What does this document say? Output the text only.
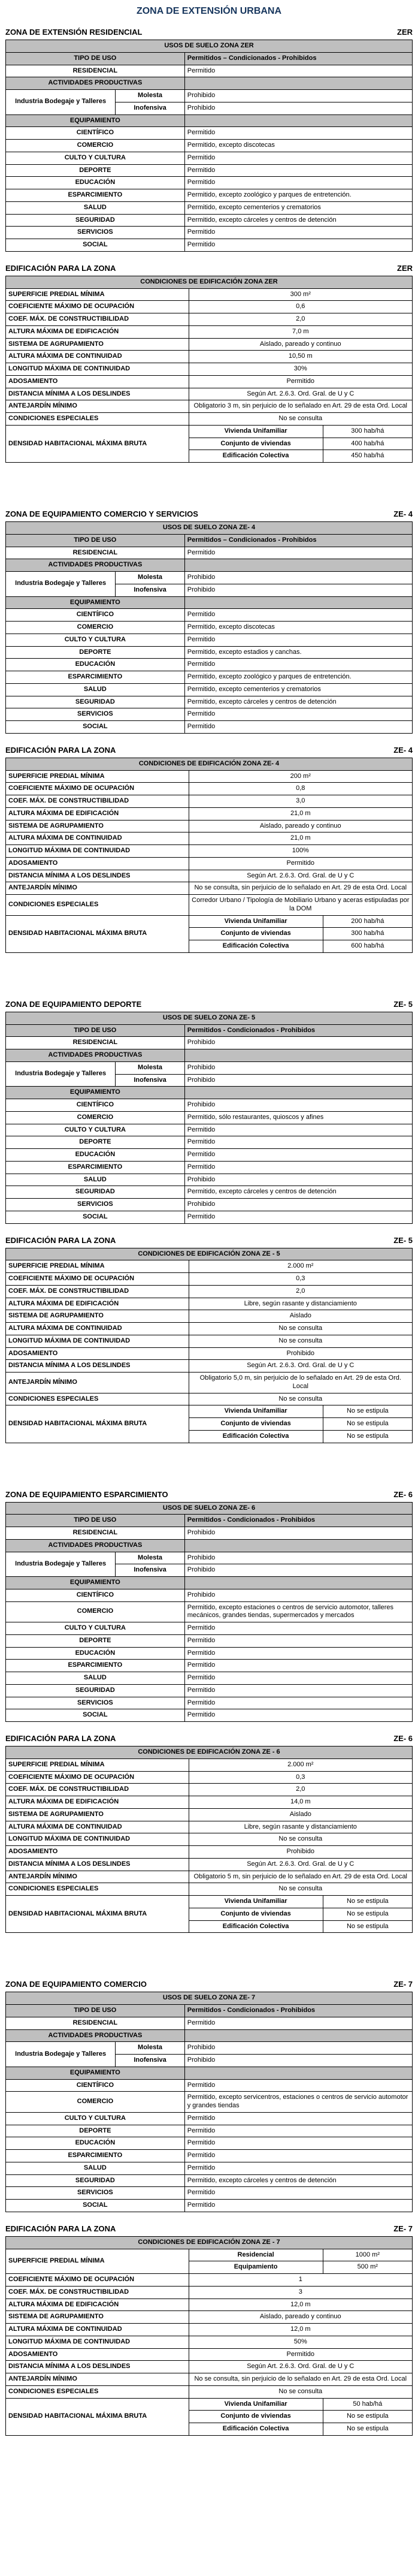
ZONA DE EXTENSIÓN URBANA
ZONA DE EXTENSIÓN RESIDENCIAL	ZER
USOS DE SUELO ZONA ZER		
TIPO DE USO		Permitidos – Condicionados - Prohibidos
RESIDENCIAL		Permitido
ACTIVIDADES PRODUCTIVAS		
Industria Bodegaje y Talleres	Molesta	Prohibido
	Inofensiva	Prohibido
EQUIPAMIENTO		
CIENTÍFICO		Permitido
COMERCIO		Permitido, excepto discotecas
CULTO Y CULTURA		Permitido
DEPORTE		Permitido
EDUCACIÓN		Permitido
ESPARCIMIENTO		Permitido, excepto zoológico y parques de entretención.
SALUD		Permitido, excepto cementerios y crematorios
SEGURIDAD		Permitido, excepto cárceles y centros de detención
SERVICIOS		Permitido
SOCIAL		Permitido
EDIFICACIÓN PARA LA ZONA	ZER
CONDICIONES DE EDIFICACIÓN ZONA ZER		
SUPERFICIE PREDIAL MÍNIMA	300 m²	
COEFICIENTE MÁXIMO DE OCUPACIÓN	0,6	
COEF. MÁX. DE CONSTRUCTIBILIDAD	2,0	
ALTURA MÁXIMA DE EDIFICACIÓN	7,0 m	
SISTEMA DE AGRUPAMIENTO	Aislado, pareado y continuo	
ALTURA MÁXIMA DE CONTINUIDAD	10,50 m	
LONGITUD MÁXIMA DE CONTINUIDAD	30%	
ADOSAMIENTO	Permitido	
DISTANCIA MÍNIMA A LOS DESLINDES	Según Art. 2.6.3. Ord. Gral. de U y C	
ANTEJARDÍN MÍNIMO	Obligatorio 3 m, sin perjuicio de lo señalado en Art. 29 de esta Ord. Local	
CONDICIONES ESPECIALES	No se consulta	
DENSIDAD HABITACIONAL MÁXIMA BRUTA	Vivienda Unifamiliar	300 hab/há
	Conjunto de viviendas	400 hab/há
	Edificación Colectiva	450 hab/há
ZONA DE EQUIPAMIENTO COMERCIO Y SERVICIOS	ZE- 4
USOS DE SUELO ZONA ZE- 4		
TIPO DE USO		Permitidos – Condicionados - Prohibidos
RESIDENCIAL		Permitido
ACTIVIDADES PRODUCTIVAS		
Industria Bodegaje y Talleres	Molesta	Prohibido
	Inofensiva	Prohibido
EQUIPAMIENTO		
CIENTÍFICO		Permitido
COMERCIO		Permitido, excepto discotecas
CULTO Y CULTURA		Permitido
DEPORTE		Permitido, excepto estadios y canchas.
EDUCACIÓN		Permitido
ESPARCIMIENTO		Permitido, excepto zoológico y parques de entretención.
SALUD		Permitido, excepto cementerios y crematorios
SEGURIDAD		Permitido, excepto cárceles y centros de detención
SERVICIOS		Permitido
SOCIAL		Permitido
EDIFICACIÓN PARA LA ZONA	ZE- 4
CONDICIONES DE EDIFICACIÓN ZONA ZE- 4		
SUPERFICIE PREDIAL MÍNIMA	200 m²	
COEFICIENTE MÁXIMO DE OCUPACIÓN	0,8	
COEF. MÁX. DE CONSTRUCTIBILIDAD	3,0	
ALTURA MÁXIMA DE EDIFICACIÓN	21,0 m	
SISTEMA DE AGRUPAMIENTO	Aislado, pareado y continuo	
ALTURA MÁXIMA DE CONTINUIDAD	21,0 m	
LONGITUD MÁXIMA DE CONTINUIDAD	100%	
ADOSAMIENTO	Permitido	
DISTANCIA MÍNIMA A LOS DESLINDES	Según Art. 2.6.3. Ord. Gral. de U y C	
ANTEJARDÍN MÍNIMO	No se consulta, sin perjuicio de lo señalado en Art. 29 de esta Ord. Local	
CONDICIONES ESPECIALES	Corredor Urbano / Tipología de Mobiliario Urbano y aceras estipuladas por la DOM	
DENSIDAD HABITACIONAL MÁXIMA BRUTA	Vivienda Unifamiliar	200 hab/há
	Conjunto de viviendas	300 hab/há
	Edificación Colectiva	600 hab/há
ZONA DE EQUIPAMIENTO DEPORTE	ZE- 5
USOS DE SUELO ZONA ZE- 5		
TIPO DE USO		Permitidos - Condicionados - Prohibidos
RESIDENCIAL		Prohibido
ACTIVIDADES PRODUCTIVAS		
Industria Bodegaje y Talleres	Molesta	Prohibido
	Inofensiva	Prohibido
EQUIPAMIENTO		
CIENTÍFICO		Prohibido
COMERCIO		Permitido, sólo restaurantes, quioscos y afines
CULTO Y CULTURA		Permitido
DEPORTE		Permitido
EDUCACIÓN		Permitido
ESPARCIMIENTO		Permitido
SALUD		Prohibido
SEGURIDAD		Permitido, excepto cárceles y centros de detención
SERVICIOS		Prohibido
SOCIAL		Permitido
EDIFICACIÓN PARA LA ZONA	ZE- 5
CONDICIONES DE EDIFICACIÓN ZONA ZE - 5		
SUPERFICIE PREDIAL MÍNIMA	2.000 m²	
COEFICIENTE MÁXIMO DE OCUPACIÓN	0,3	
COEF. MÁX. DE CONSTRUCTIBILIDAD	2,0	
ALTURA MÁXIMA DE EDIFICACIÓN	Libre, según rasante y distanciamiento	
SISTEMA DE AGRUPAMIENTO	Aislado	
ALTURA MÁXIMA DE CONTINUIDAD	No se consulta	
LONGITUD MÁXIMA DE CONTINUIDAD	No se consulta	
ADOSAMIENTO	Prohibido	
DISTANCIA MÍNIMA A LOS DESLINDES	Según Art. 2.6.3. Ord. Gral. de U y C	
ANTEJARDÍN MÍNIMO	Obligatorio 5,0 m, sin perjuicio de lo señalado en Art. 29 de esta Ord. Local	
CONDICIONES ESPECIALES	No se consulta	
DENSIDAD HABITACIONAL MÁXIMA BRUTA	Vivienda Unifamiliar	No se estipula
	Conjunto de viviendas	No se estipula
	Edificación Colectiva	No se estipula
ZONA DE EQUIPAMIENTO ESPARCIMIENTO	ZE- 6
USOS DE SUELO ZONA ZE- 6		
TIPO DE USO		Permitidos - Condicionados - Prohibidos
RESIDENCIAL		Prohibido
ACTIVIDADES PRODUCTIVAS		
Industria Bodegaje y Talleres	Molesta	Prohibido
	Inofensiva	Prohibido
EQUIPAMIENTO		
CIENTÍFICO		Prohibido
COMERCIO		Permitido, excepto estaciones o centros de servicio automotor, talleres mecánicos, grandes tiendas, supermercados y mercados
CULTO Y CULTURA		Permitido
DEPORTE		Permitido
EDUCACIÓN		Permitido
ESPARCIMIENTO		Permitido
SALUD		Permitido
SEGURIDAD		Permitido
SERVICIOS		Permitido
SOCIAL		Permitido
EDIFICACIÓN PARA LA ZONA	ZE- 6
CONDICIONES DE EDIFICACIÓN ZONA ZE - 6		
SUPERFICIE PREDIAL MÍNIMA	2.000 m²	
COEFICIENTE MÁXIMO DE OCUPACIÓN	0,3	
COEF. MÁX. DE CONSTRUCTIBILIDAD	2,0	
ALTURA MÁXIMA DE EDIFICACIÓN	14,0 m	
SISTEMA DE AGRUPAMIENTO	Aislado	
ALTURA MÁXIMA DE CONTINUIDAD	Libre, según rasante y distanciamiento	
LONGITUD MÁXIMA DE CONTINUIDAD	No se consulta	
ADOSAMIENTO	Prohibido	
DISTANCIA MÍNIMA A LOS DESLINDES	Según Art. 2.6.3. Ord. Gral. de U y C	
ANTEJARDÍN MÍNIMO	Obligatorio 5 m, sin perjuicio de lo señalado en Art. 29 de esta Ord. Local	
CONDICIONES ESPECIALES	No se consulta	
DENSIDAD HABITACIONAL MÁXIMA BRUTA	Vivienda Unifamiliar	No se estipula
	Conjunto de viviendas	No se estipula
	Edificación Colectiva	No se estipula
ZONA DE EQUIPAMIENTO COMERCIO	ZE- 7
USOS DE SUELO ZONA ZE- 7		
TIPO DE USO		Permitidos - Condicionados - Prohibidos
RESIDENCIAL		Permitido
ACTIVIDADES PRODUCTIVAS		
Industria Bodegaje y Talleres	Molesta	Prohibido
	Inofensiva	Prohibido
EQUIPAMIENTO		
CIENTÍFICO		Permitido
COMERCIO		Permitido, excepto servicentros, estaciones o centros de servicio automotor y grandes tiendas
CULTO Y CULTURA		Permitido
DEPORTE		Permitido
EDUCACIÓN		Permitido
ESPARCIMIENTO		Permitido
SALUD		Permitido
SEGURIDAD		Permitido, excepto cárceles y centros de detención
SERVICIOS		Permitido
SOCIAL		Permitido
EDIFICACIÓN PARA LA ZONA	ZE- 7
CONDICIONES DE EDIFICACIÓN ZONA ZE - 7		
SUPERFICIE PREDIAL MÍNIMA	Residencial	1000 m²
	Equipamiento	500 m²
COEFICIENTE MÁXIMO DE OCUPACIÓN	1	
COEF. MÁX. DE CONSTRUCTIBILIDAD	3	
ALTURA MÁXIMA DE EDIFICACIÓN	12,0 m	
SISTEMA DE AGRUPAMIENTO	Aislado, pareado y continuo	
ALTURA MÁXIMA DE CONTINUIDAD	12,0 m	
LONGITUD MÁXIMA DE CONTINUIDAD	50%	
ADOSAMIENTO	Permitido	
DISTANCIA MÍNIMA A LOS DESLINDES	Según Art. 2.6.3. Ord. Gral. de U y C	
ANTEJARDÍN MÍNIMO	No se consulta, sin perjuicio de lo señalado en Art. 29 de esta Ord. Local	
CONDICIONES ESPECIALES	No se consulta	
DENSIDAD HABITACIONAL MÁXIMA BRUTA	Vivienda Unifamiliar	50 hab/há
	Conjunto de viviendas	No se estipula
	Edificación Colectiva	No se estipula
